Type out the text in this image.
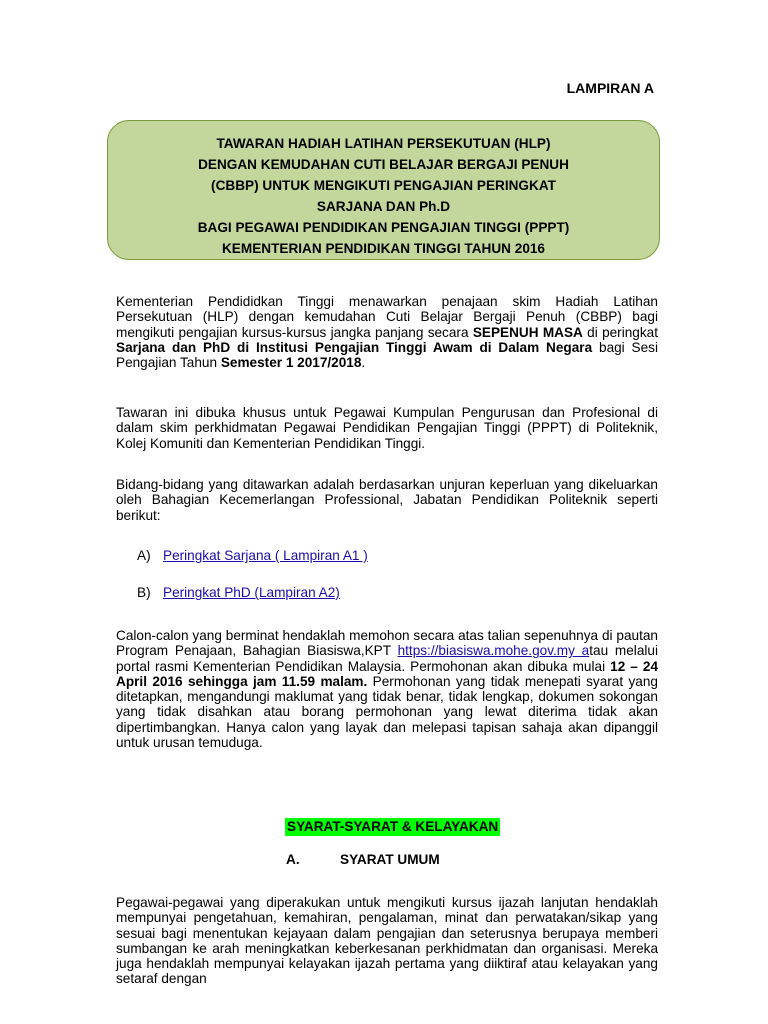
LAMPIRAN A
TAWARAN HADIAH LATIHAN PERSEKUTUAN (HLP)
DENGAN KEMUDAHAN CUTI BELAJAR BERGAJI PENUH
(CBBP) UNTUK MENGIKUTI PENGAJIAN PERINGKAT
SARJANA DAN Ph.D
BAGI PEGAWAI PENDIDIKAN PENGAJIAN TINGGI (PPPT)
KEMENTERIAN PENDIDIKAN TINGGI TAHUN 2016
Kementerian Pendididkan Tinggi menawarkan penajaan skim Hadiah Latihan Persekutuan (HLP) dengan kemudahan Cuti Belajar Bergaji Penuh (CBBP) bagi mengikuti pengajian kursus-kursus jangka panjang secara SEPENUH MASA di peringkat Sarjana dan PhD di Institusi Pengajian Tinggi Awam di Dalam Negara bagi Sesi Pengajian Tahun Semester 1 2017/2018.
Tawaran ini dibuka khusus untuk Pegawai Kumpulan Pengurusan dan Profesional di dalam skim perkhidmatan Pegawai Pendidikan Pengajian Tinggi (PPPT) di Politeknik, Kolej Komuniti dan Kementerian Pendidikan Tinggi.
Bidang-bidang yang ditawarkan adalah berdasarkan unjuran keperluan yang dikeluarkan oleh Bahagian Kecemerlangan Professional, Jabatan Pendidikan Politeknik seperti berikut:
A) Peringkat Sarjana ( Lampiran A1 )
B) Peringkat PhD (Lampiran A2)
Calon-calon yang berminat hendaklah memohon secara atas talian sepenuhnya di pautan Program Penajaan, Bahagian Biasiswa,KPT https://biasiswa.mohe.gov.my atau melalui portal rasmi Kementerian Pendidikan Malaysia. Permohonan akan dibuka mulai 12 – 24 April 2016 sehingga jam 11.59 malam. Permohonan yang tidak menepati syarat yang ditetapkan, mengandungi maklumat yang tidak benar, tidak lengkap, dokumen sokongan yang tidak disahkan atau borang permohonan yang lewat diterima tidak akan dipertimbangkan. Hanya calon yang layak dan melepasi tapisan sahaja akan dipanggil untuk urusan temuduga.
SYARAT-SYARAT & KELAYAKAN
A.	SYARAT UMUM
Pegawai-pegawai yang diperakukan untuk mengikuti kursus ijazah lanjutan hendaklah mempunyai pengetahuan, kemahiran, pengalaman, minat dan perwatakan/sikap yang sesuai bagi menentukan kejayaan dalam pengajian dan seterusnya berupaya memberi sumbangan ke arah meningkatkan keberkesanan perkhidmatan dan organisasi. Mereka juga hendaklah mempunyai kelayakan ijazah pertama yang diiktiraf atau kelayakan yang setaraf dengan
